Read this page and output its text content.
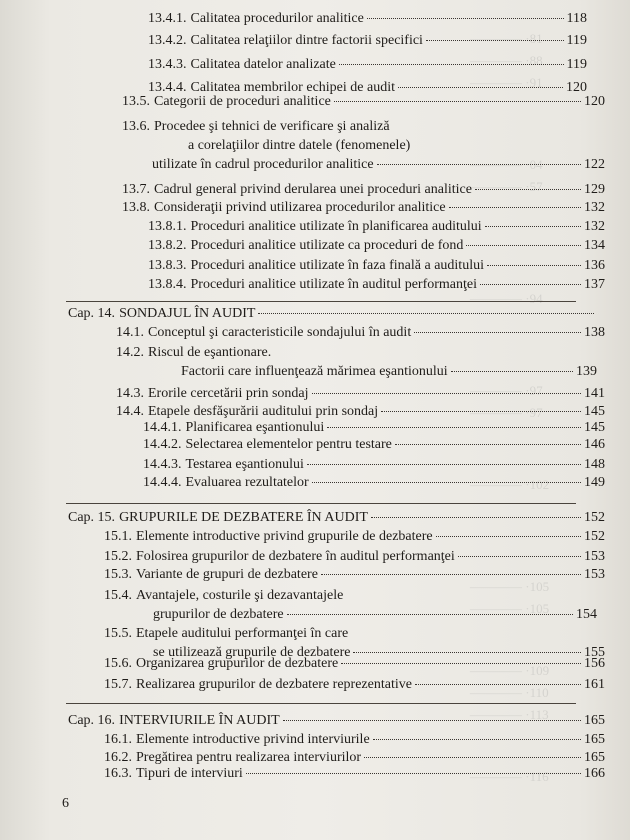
———— ·81
———— ·88
———— ·91
———— ·04
———— ·57
———— ·94
———— ·97
———— ·97
———— ·102
———— ·105
———— ·105
———— ·109
———— ·110
———— ·113
———— ·116
13.4.1. Calitatea procedurilor analitice	118
13.4.2. Calitatea relaţiilor dintre factorii specifici	119
13.4.3. Calitatea datelor analizate	119
13.4.4. Calitatea membrilor echipei de audit	120
13.5. Categorii de proceduri analitice	120
13.6. Procedee şi tehnici de verificare şi analiză
a corelaţiilor dintre datele (fenomenele)
utilizate în cadrul procedurilor analitice	122
13.7. Cadrul general privind derularea unei proceduri analitice	129
13.8. Consideraţii privind utilizarea procedurilor analitice	132
13.8.1. Proceduri analitice utilizate în planificarea auditului	132
13.8.2. Proceduri analitice utilizate ca proceduri de fond	134
13.8.3. Proceduri analitice utilizate în faza finală a auditului	136
13.8.4. Proceduri analitice utilizate în auditul performanţei	137
Cap. 14. SONDAJUL ÎN AUDIT
14.1. Conceptul şi caracteristicile sondajului în audit	138
14.2. Riscul de eşantionare.
Factorii care influenţează mărimea eşantionului	139
14.3. Erorile cercetării prin sondaj	141
14.4. Etapele desfăşurării auditului prin sondaj	145
14.4.1. Planificarea eşantionului	145
14.4.2. Selectarea elementelor pentru testare	146
14.4.3. Testarea eşantionului	148
14.4.4. Evaluarea rezultatelor	149
Cap. 15. GRUPURILE DE DEZBATERE ÎN AUDIT	152
15.1. Elemente introductive privind grupurile de dezbatere	152
15.2. Folosirea grupurilor de dezbatere în auditul performanţei	153
15.3. Variante de grupuri de dezbatere	153
15.4. Avantajele, costurile şi dezavantajele
grupurilor de dezbatere	154
15.5. Etapele auditului performanţei în care
se utilizează grupurile de dezbatere	155
15.6. Organizarea grupurilor de dezbatere	156
15.7. Realizarea grupurilor de dezbatere reprezentative	161
Cap. 16. INTERVIURILE ÎN AUDIT	165
16.1. Elemente introductive privind interviurile	165
16.2. Pregătirea pentru realizarea interviurilor	165
16.3. Tipuri de interviuri	166
6
